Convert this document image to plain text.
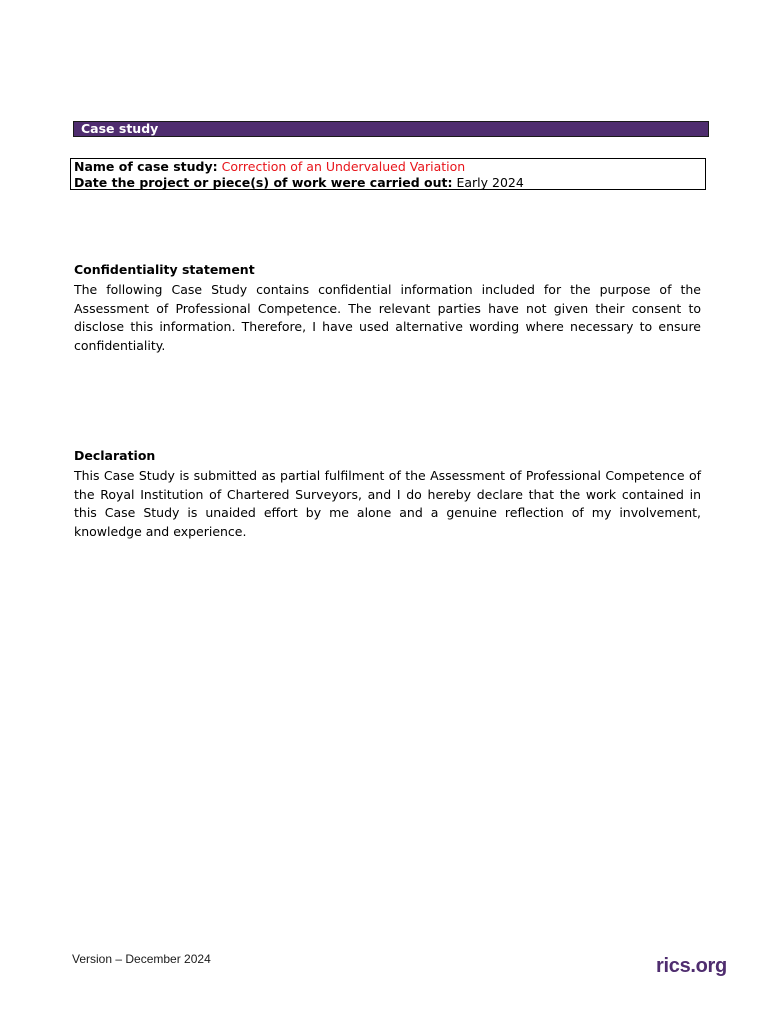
Case study
Name of case study: Correction of an Undervalued Variation
Date the project or piece(s) of work were carried out: Early 2024
Confidentiality statement

The following Case Study contains confidential information included for the purpose of the Assessment of Professional Competence. The relevant parties have not given their consent to disclose this information. Therefore, I have used alternative wording where necessary to ensure confidentiality.

Declaration

This Case Study is submitted as partial fulfilment of the Assessment of Professional Competence of the Royal Institution of Chartered Surveyors, and I do hereby declare that the work contained in this Case Study is unaided effort by me alone and a genuine reflection of my involvement, knowledge and experience.

Version – December 2024	rics.org
